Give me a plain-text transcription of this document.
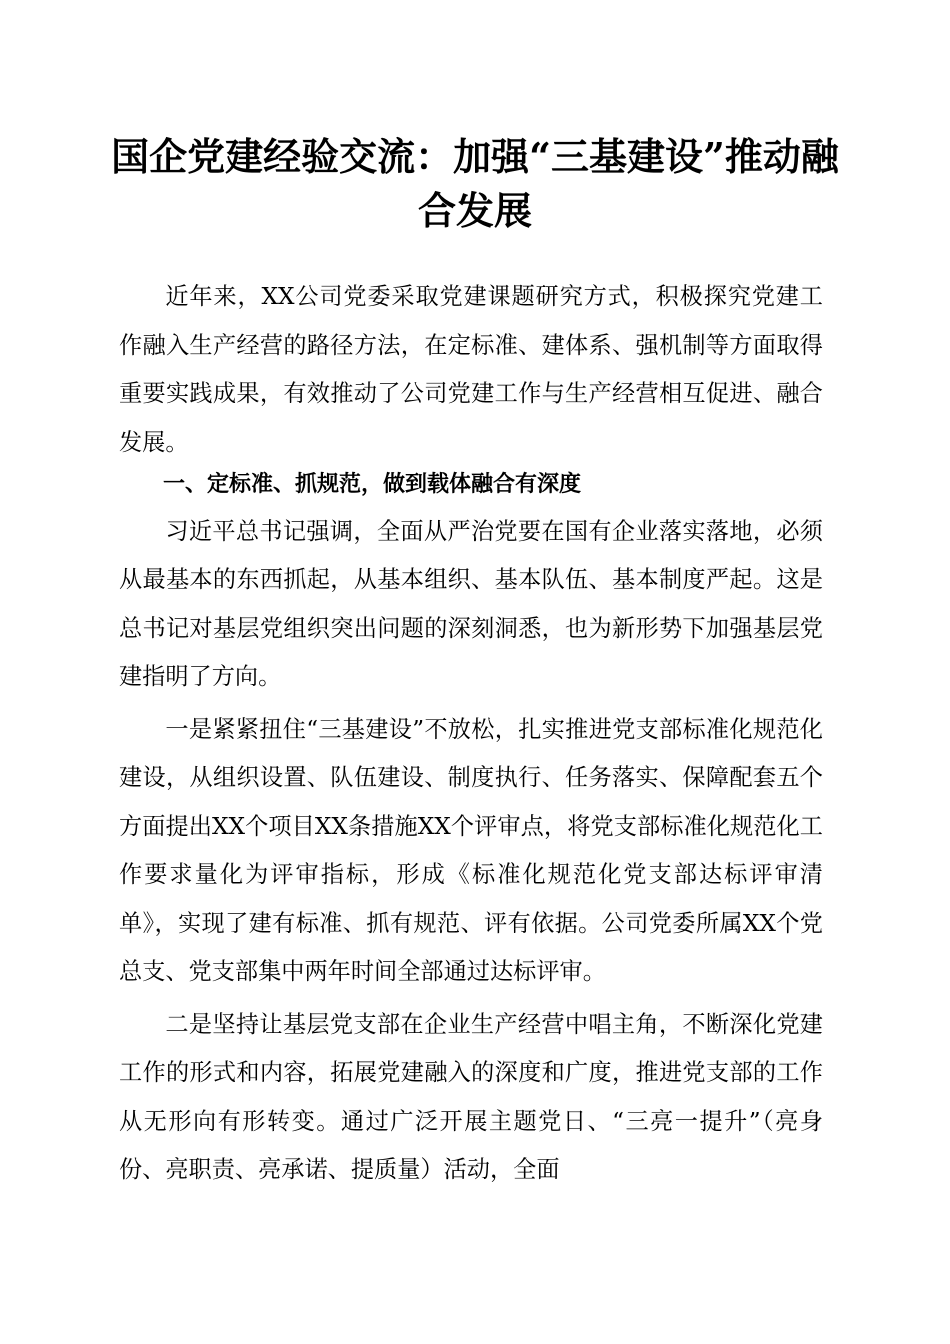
国企党建经验交流：加强“三基建设”推动融合发展

近年来，XX公司党委采取党建课题研究方式，积极探究党建工作融入生产经营的路径方法，在定标准、建体系、强机制等方面取得重要实践成果，有效推动了公司党建工作与生产经营相互促进、融合发展。

一、定标准、抓规范，做到载体融合有深度

习近平总书记强调，全面从严治党要在国有企业落实落地，必须从最基本的东西抓起，从基本组织、基本队伍、基本制度严起。这是总书记对基层党组织突出问题的深刻洞悉，也为新形势下加强基层党建指明了方向。

一是紧紧扭住“三基建设”不放松，扎实推进党支部标准化规范化建设，从组织设置、队伍建设、制度执行、任务落实、保障配套五个方面提出XX个项目XX条措施XX个评审点，将党支部标准化规范化工作要求量化为评审指标，形成《标准化规范化党支部达标评审清单》，实现了建有标准、抓有规范、评有依据。公司党委所属XX个党总支、党支部集中两年时间全部通过达标评审。

二是坚持让基层党支部在企业生产经营中唱主角，不断深化党建工作的形式和内容，拓展党建融入的深度和广度，推进党支部的工作从无形向有形转变。通过广泛开展主题党日、“三亮一提升”（亮身份、亮职责、亮承诺、提质量）活动，全面
